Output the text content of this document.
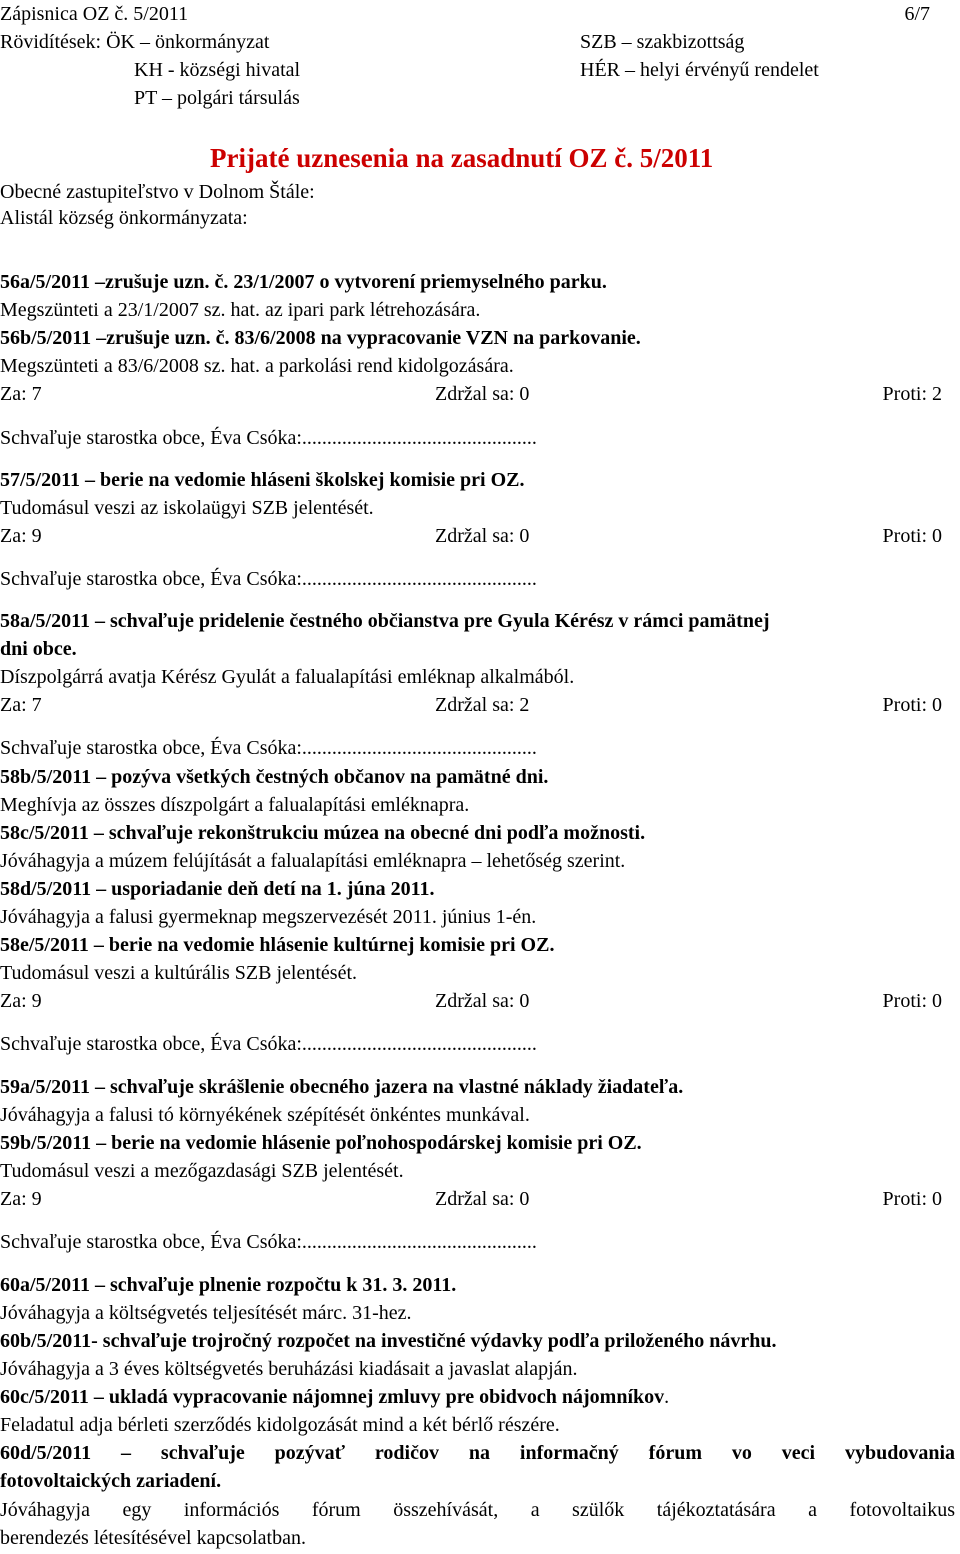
Zápisnica OZ č. 5/2011	6/7
Rövidítések: ÖK – önkormányzat	SZB – szakbizottság
KH - községi hivatal	HÉR – helyi érvényű rendelet
PT – polgári társulás
Prijaté uznesenia na zasadnutí OZ č. 5/2011
Obecné zastupiteľstvo v Dolnom Štále:
Alistál község önkormányzata:
56a/5/2011 –zrušuje uzn. č. 23/1/2007 o vytvorení priemyselného parku.
Megszünteti a 23/1/2007 sz. hat. az ipari park létrehozására.
56b/5/2011 –zrušuje uzn. č. 83/6/2008 na vypracovanie VZN na parkovanie.
Megszünteti a 83/6/2008 sz. hat. a parkolási rend kidolgozására.
Za: 7	Zdržal sa: 0	Proti: 2
Schvaľuje starostka obce, Éva Csóka:...............................................
57/5/2011 – berie na vedomie hláseni školskej komisie pri OZ.
Tudomásul veszi az iskolaügyi SZB jelentését.
Za: 9	Zdržal sa: 0	Proti: 0
Schvaľuje starostka obce, Éva Csóka:...............................................
58a/5/2011 – schvaľuje pridelenie čestného občianstva pre Gyula Kérész v rámci pamätnej
dni obce.
Díszpolgárrá avatja Kérész Gyulát a falualapítási emléknap alkalmából.
Za: 7	Zdržal sa: 2	Proti: 0
Schvaľuje starostka obce, Éva Csóka:...............................................
58b/5/2011 – pozýva všetkých čestných občanov na pamätné dni.
Meghívja az összes díszpolgárt a falualapítási emléknapra.
58c/5/2011 – schvaľuje rekonštrukciu múzea na obecné dni podľa možnosti.
Jóváhagyja a múzem felújítását a falualapítási emléknapra – lehetőség szerint.
58d/5/2011 – usporiadanie deň detí na 1. júna 2011.
Jóváhagyja a falusi gyermeknap megszervezését 2011. június 1-én.
58e/5/2011 – berie na vedomie hlásenie kultúrnej komisie pri OZ.
Tudomásul veszi a kultúrális SZB jelentését.
Za: 9	Zdržal sa: 0	Proti: 0
Schvaľuje starostka obce, Éva Csóka:...............................................
59a/5/2011 – schvaľuje skrášlenie obecného jazera na vlastné náklady žiadateľa.
Jóváhagyja a falusi tó környékének szépítését önkéntes munkával.
59b/5/2011 – berie na vedomie hlásenie poľnohospodárskej komisie pri OZ.
Tudomásul veszi a mezőgazdasági SZB jelentését.
Za: 9	Zdržal sa: 0	Proti: 0
Schvaľuje starostka obce, Éva Csóka:...............................................
60a/5/2011 – schvaľuje plnenie rozpočtu k 31. 3. 2011.
Jóváhagyja a költségvetés teljesítését márc. 31-hez.
60b/5/2011- schvaľuje trojročný rozpočet na investičné výdavky podľa priloženého návrhu.
Jóváhagyja a 3 éves költségvetés beruházási kiadásait a javaslat alapján.
60c/5/2011 – ukladá vypracovanie nájomnej zmluvy pre obidvoch nájomníkov.
Feladatul adja bérleti szerződés kidolgozását mind a két bérlő részére.
60d/5/2011 – schvaľuje pozývať rodičov na informačný fórum vo veci vybudovania
fotovoltaických zariadení.
Jóváhagyja egy információs fórum összehívását, a szülők tájékoztatására a fotovoltaikus
berendezés létesítésével kapcsolatban.
